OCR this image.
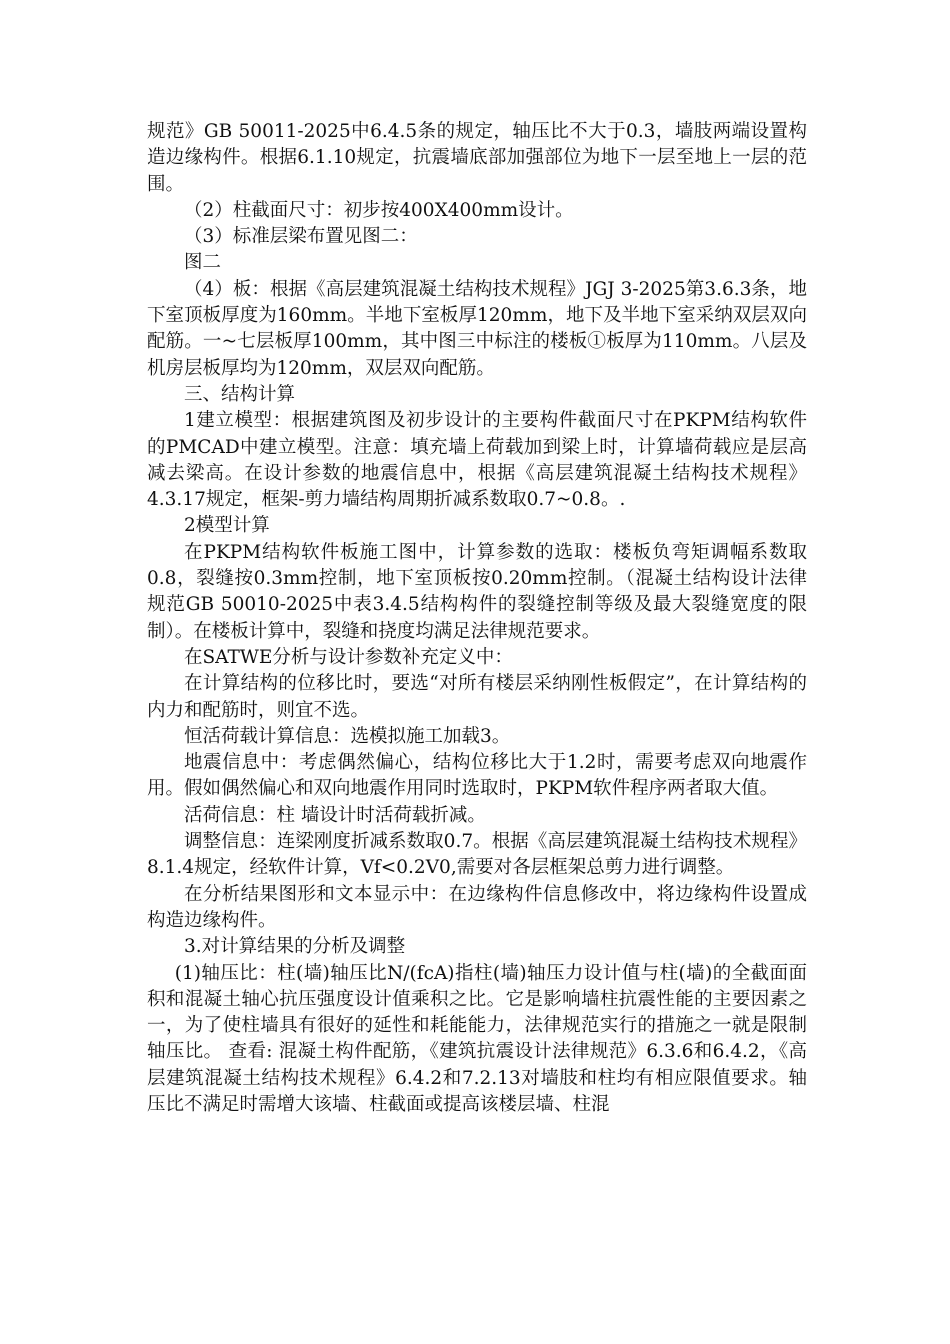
规范》GB 50011-2025中6.4.5条的规定，轴压比不大于0.3，墙肢两端设置构造边缘构件。根据6.1.10规定，抗震墙底部加强部位为地下一层至地上一层的范围。

（2）柱截面尺寸：初步按400X400mm设计。

（3）标准层梁布置见图二：

图二

（4）板：根据《高层建筑混凝土结构技术规程》JGJ 3-2025第3.6.3条，地下室顶板厚度为160mm。半地下室板厚120mm，地下及半地下室采纳双层双向配筋。一~七层板厚100mm，其中图三中标注的楼板①板厚为110mm。八层及机房层板厚均为120mm，双层双向配筋。

三、结构计算

1建立模型：根据建筑图及初步设计的主要构件截面尺寸在PKPM结构软件的PMCAD中建立模型。注意：填充墙上荷载加到梁上时，计算墙荷载应是层高减去梁高。在设计参数的地震信息中，根据《高层建筑混凝土结构技术规程》4.3.17规定，框架-剪力墙结构周期折减系数取0.7~0.8。.

2模型计算

在PKPM结构软件板施工图中，计算参数的选取：楼板负弯矩调幅系数取0.8，裂缝按0.3mm控制，地下室顶板按0.20mm控制。（混凝土结构设计法律规范GB 50010-2025中表3.4.5结构构件的裂缝控制等级及最大裂缝宽度的限制）。在楼板计算中，裂缝和挠度均满足法律规范要求。

在SATWE分析与设计参数补充定义中：

在计算结构的位移比时，要选“对所有楼层采纳刚性板假定”，在计算结构的内力和配筋时，则宜不选。

恒活荷载计算信息：选模拟施工加载3。

地震信息中：考虑偶然偏心，结构位移比大于1.2时，需要考虑双向地震作用。假如偶然偏心和双向地震作用同时选取时，PKPM软件程序两者取大值。

活荷信息：柱 墙设计时活荷载折减。

调整信息：连梁刚度折减系数取0.7。根据《高层建筑混凝土结构技术规程》8.1.4规定，经软件计算，Vf<0.2V0,需要对各层框架总剪力进行调整。

在分析结果图形和文本显示中：在边缘构件信息修改中，将边缘构件设置成构造边缘构件。

3.对计算结果的分析及调整

(1)轴压比：柱(墙)轴压比N/(fcA)指柱(墙)轴压力设计值与柱(墙)的全截面面积和混凝土轴心抗压强度设计值乘积之比。它是影响墙柱抗震性能的主要因素之一，为了使柱墙具有很好的延性和耗能能力，法律规范实行的措施之一就是限制轴压比。 查看: 混凝土构件配筋，《建筑抗震设计法律规范》6.3.6和6.4.2，《高层建筑混凝土结构技术规程》6.4.2和7.2.13对墙肢和柱均有相应限值要求。轴压比不满足时需增大该墙、柱截面或提高该楼层墙、柱混
